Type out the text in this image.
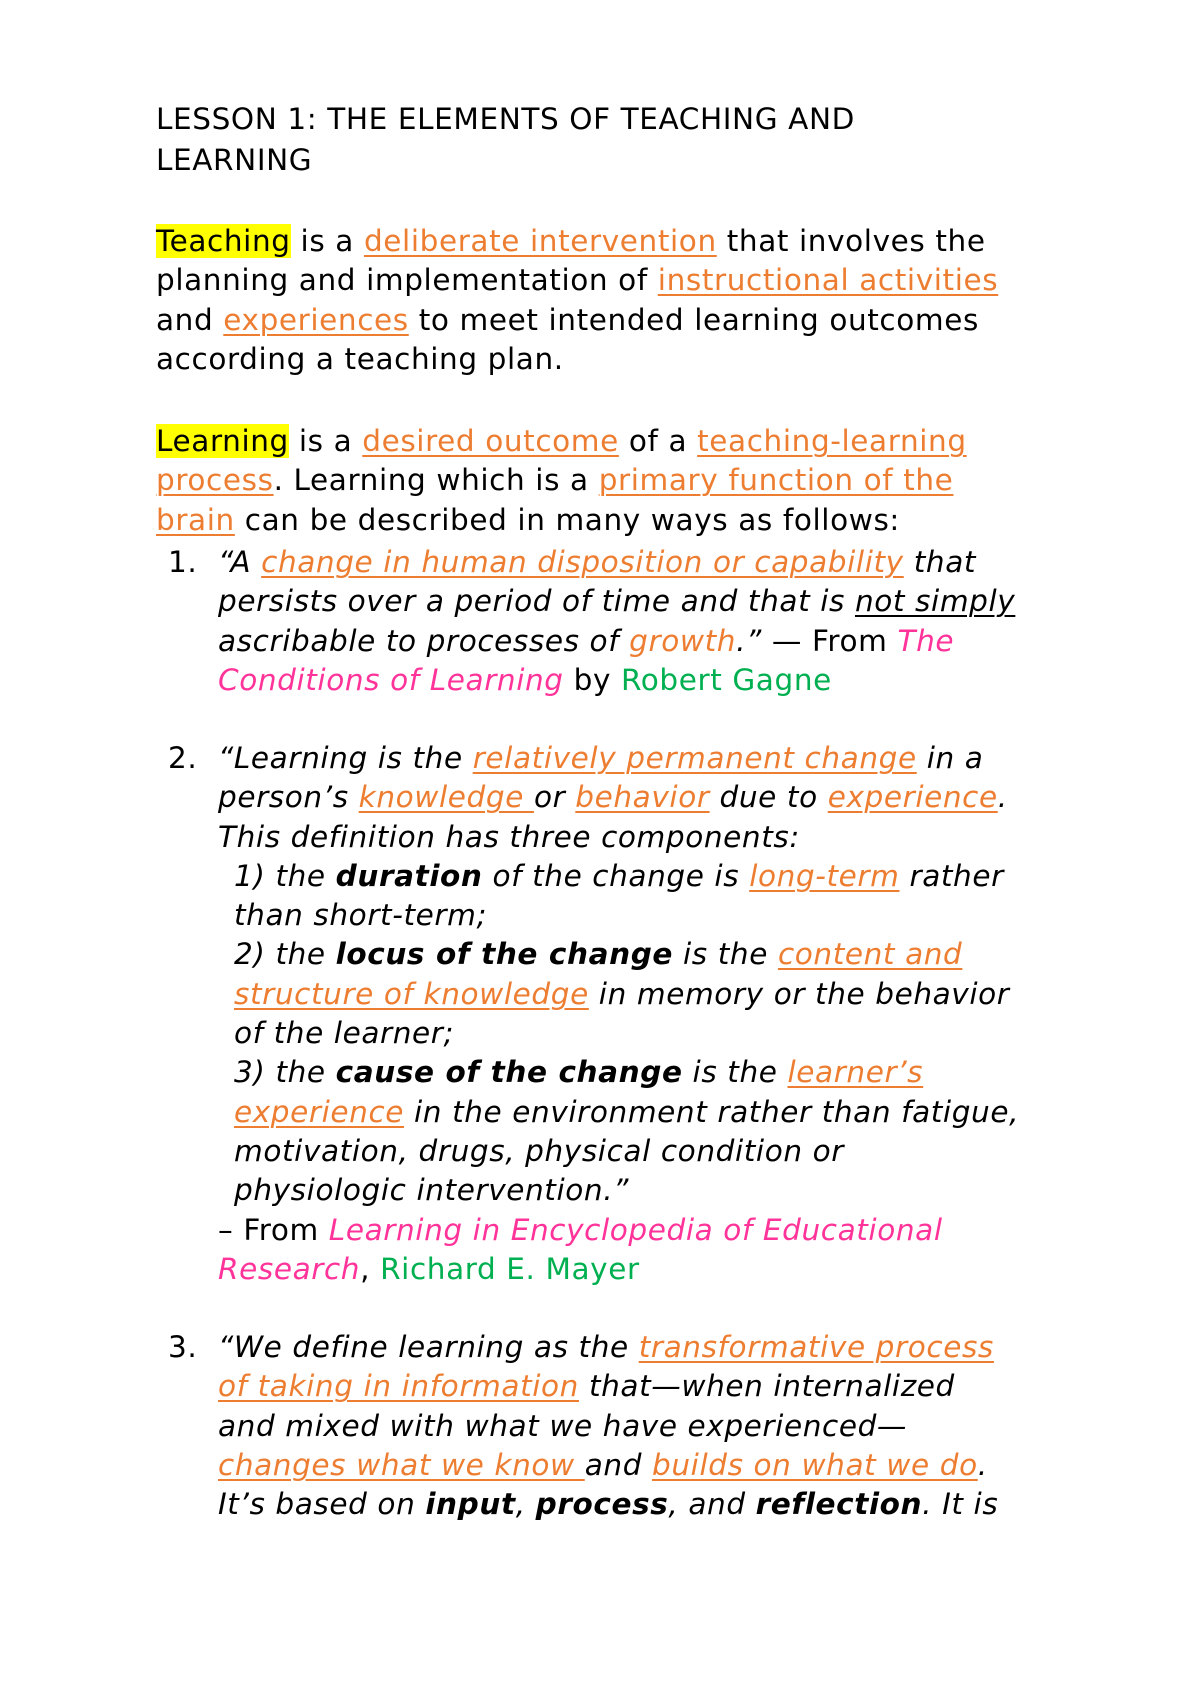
LESSON 1: THE ELEMENTS OF TEACHING AND
LEARNING
Teaching is a deliberate intervention that involves the
planning and implementation of instructional activities
and experiences to meet intended learning outcomes
according a teaching plan.
Learning is a desired outcome of a teaching-learning
process. Learning which is a primary function of the
brain can be described in many ways as follows:
1. “A change in human disposition or capability that
persists over a period of time and that is not simply
ascribable to processes of growth.” — From The
Conditions of Learning by Robert Gagne
2. “Learning is the relatively permanent change in a
person’s knowledge or behavior due to experience.
This definition has three components:
1) the duration of the change is long-term rather
than short-term;
2) the locus of the change is the content and
structure of knowledge in memory or the behavior
of the learner;
3) the cause of the change is the learner’s
experience in the environment rather than fatigue,
motivation, drugs, physical condition or
physiologic intervention.”
– From Learning in Encyclopedia of Educational
Research, Richard E. Mayer
3. “We define learning as the transformative process
of taking in information that—when internalized
and mixed with what we have experienced—
changes what we know and builds on what we do.
It’s based on input, process, and reflection. It is
